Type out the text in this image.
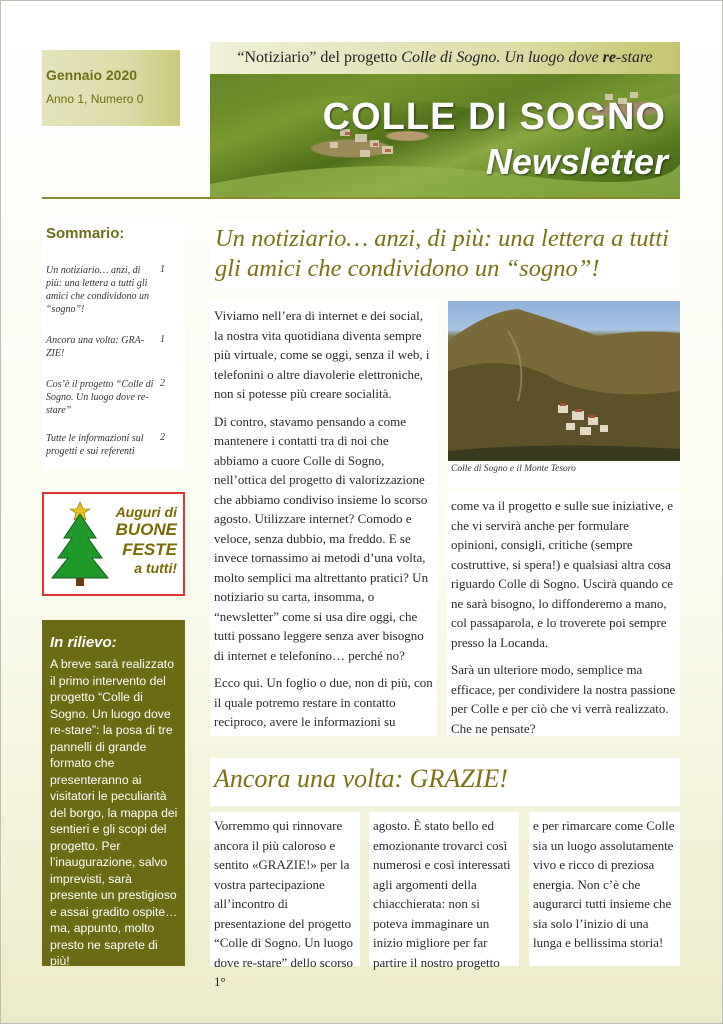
Gennaio 2020
Anno 1, Numero 0
“Notiziario” del progetto Colle di Sogno. Un luogo dove re-stare
COLLE DI SOGNO
Newsletter
Sommario:
Un notiziario… anzi, di più: una lettera a tutti gli amici che condividono un “sogno”!
1
Ancora una volta: GRA-ZIE!
1
Cos’è il progetto “Colle di Sogno. Un luogo dove re-stare”
2
Tutte le informazioni sul progetti e sui referenti
2
Auguri di
BUONE
FESTE
a tutti!
In rilievo:
A breve sarà realizzato il primo intervento del progetto “Colle di Sogno. Un luogo dove re-stare”: la posa di tre pannelli di grande formato che presenteranno ai visitatori le peculiarità del borgo, la mappa dei sentieri e gli scopi del progetto. Per l’inaugurazione, salvo imprevisti, sarà presente un prestigioso e assai gradito ospite… ma, appunto, molto presto ne saprete di più!
Un notiziario… anzi, di più: una lettera a tutti gli amici che condividono un “sogno”!

Viviamo nell’era di internet e dei social, la nostra vita quotidiana diventa sempre più virtuale, come se oggi, senza il web, i telefonini o altre diavolerie elettroniche, non si potesse più creare socialità.

Di contro, stavamo pensando a come mantenere i contatti tra di noi che abbiamo a cuore Colle di Sogno, nell’ottica del progetto di valorizzazione che abbiamo condiviso insieme lo scorso agosto. Utilizzare internet? Comodo e veloce, senza dubbio, ma freddo. E se invece tornassimo ai metodi d’una volta, molto semplici ma altrettanto pratici? Un notiziario su carta, insomma, o “newsletter” come si usa dire oggi, che tutti possano leggere senza aver bisogno di internet e telefonino… perché no?

Ecco qui. Un foglio o due, non di più, con il quale potremo restare in contatto reciproco, avere le informazioni su

Colle di Sogno e il Monte Tesoro

come va il progetto e sulle sue iniziative, e che vi servirà anche per formulare opinioni, consigli, critiche (sempre costruttive, si spera!) e qualsiasi altra cosa riguardo Colle di Sogno. Uscirà quando ce ne sarà bisogno, lo diffonderemo a mano, col passaparola, e lo troverete poi sempre presso la Locanda.

Sarà un ulteriore modo, semplice ma efficace, per condividere la nostra passione per Colle e per ciò che vi verrà realizzato. Che ne pensate?

Ancora una volta: GRAZIE!

Vorremmo qui rinnovare ancora il più caloroso e sentito «GRAZIE!» per la vostra partecipazione all’incontro di presentazione del progetto “Colle di Sogno. Un luogo dove re-stare” dello scorso 1°

agosto. È stato bello ed emozionante trovarci così numerosi e così interessati agli argomenti della chiacchierata: non si poteva immaginare un inizio migliore per far partire il nostro progetto

e per rimarcare come Colle sia un luogo assolutamente vivo e ricco di preziosa energia. Non c’è che augurarci tutti insieme che sia solo l’inizio di una lunga e bellissima storia!
